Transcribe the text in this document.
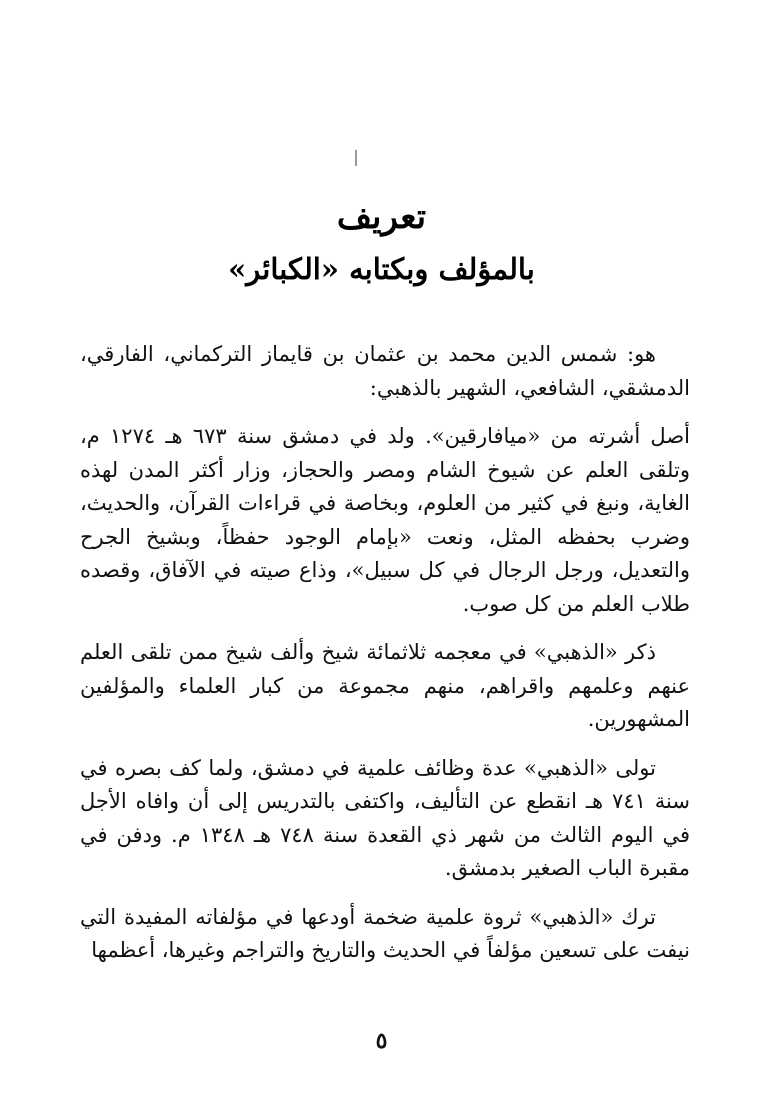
تعريف
بالمؤلف وبكتابه «الكبائر»

هو: شمس الدين محمد بن عثمان بن قايماز التركماني، الفارقي، الدمشقي، الشافعي، الشهير بالذهبي:

أصل أشرته من «ميافارقين». ولد في دمشق سنة ٦٧٣ هـ ١٢٧٤ م، وتلقى العلم عن شيوخ الشام ومصر والحجاز، وزار أكثر المدن لهذه الغاية، ونبغ في كثير من العلوم، وبخاصة في قراءات القرآن، والحديث، وضرب بحفظه المثل، ونعت «بإمام الوجود حفظاً، وبشيخ الجرح والتعديل، ورجل الرجال في كل سبيل»، وذاع صيته في الآفاق، وقصده طلاب العلم من كل صوب.

ذكر «الذهبي» في معجمه ثلاثمائة شيخ وألف شيخ ممن تلقى العلم عنهم وعلمهم واقراهم، منهم مجموعة من كبار العلماء والمؤلفين المشهورين.

تولى «الذهبي» عدة وظائف علمية في دمشق، ولما كف بصره في سنة ٧٤١ هـ انقطع عن التأليف، واكتفى بالتدريس إلى أن وافاه الأجل في اليوم الثالث من شهر ذي القعدة سنة ٧٤٨ هـ ١٣٤٨ م. ودفن في مقبرة الباب الصغير بدمشق.

ترك «الذهبي» ثروة علمية ضخمة أودعها في مؤلفاته المفيدة التي نيفت على تسعين مؤلفاً في الحديث والتاريخ والتراجم وغيرها، أعظمها

٥
